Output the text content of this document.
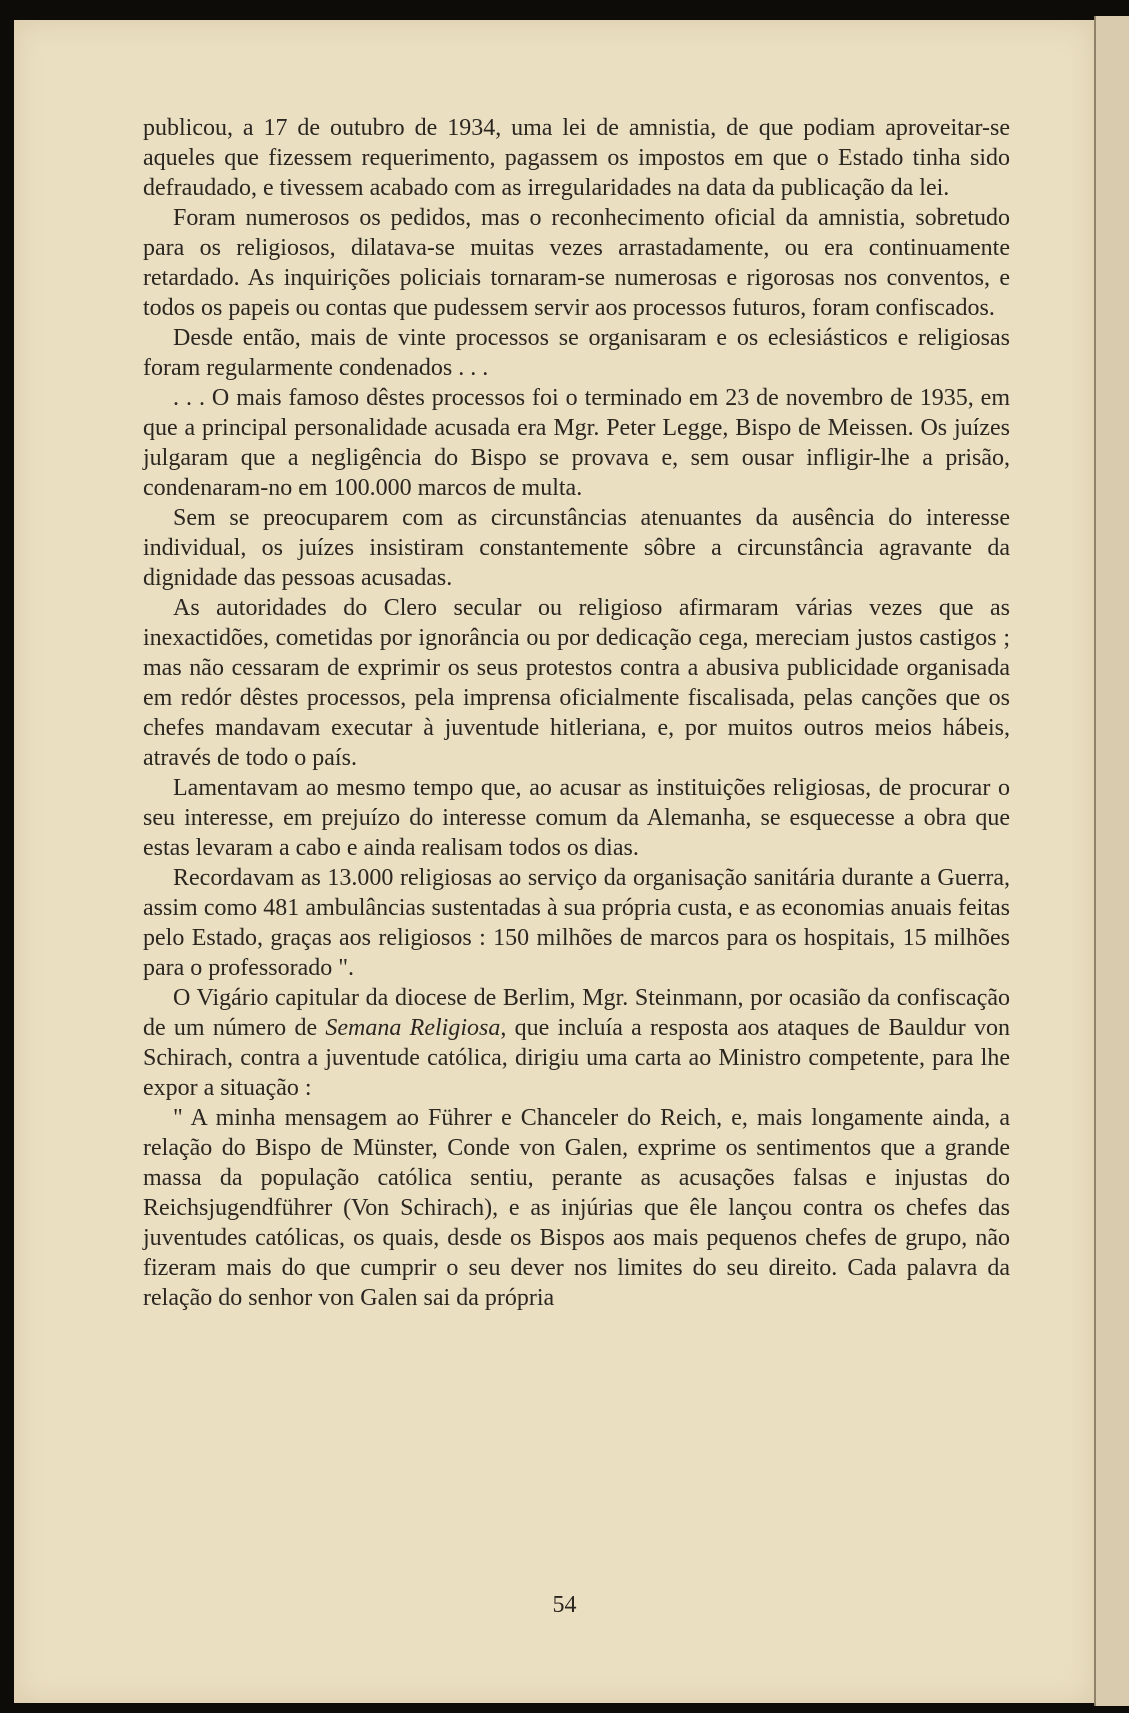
publicou, a 17 de outubro de 1934, uma lei de amnistia, de que podiam aproveitar-se aqueles que fizessem requerimento, pagassem os impostos em que o Estado tinha sido defraudado, e tivessem acabado com as irregularidades na data da publicação da lei.

Foram numerosos os pedidos, mas o reconhecimento oficial da amnistia, sobretudo para os religiosos, dilatava-se muitas vezes arrastadamente, ou era continuamente retardado. As inquirições policiais tornaram-se numerosas e rigorosas nos conventos, e todos os papeis ou contas que pudessem servir aos processos futuros, foram confiscados.

Desde então, mais de vinte processos se organisaram e os eclesiásticos e religiosas foram regularmente condenados . . .

. . . O mais famoso dêstes processos foi o terminado em 23 de novembro de 1935, em que a principal personalidade acusada era Mgr. Peter Legge, Bispo de Meissen. Os juízes julgaram que a negligência do Bispo se provava e, sem ousar infligir-lhe a prisão, condenaram-no em 100.000 marcos de multa.

Sem se preocuparem com as circunstâncias atenuantes da ausência do interesse individual, os juízes insistiram constantemente sôbre a circunstância agravante da dignidade das pessoas acusadas.

As autoridades do Clero secular ou religioso afirmaram várias vezes que as inexactidões, cometidas por ignorância ou por dedicação cega, mereciam justos castigos ; mas não cessaram de exprimir os seus protestos contra a abusiva publicidade organisada em redór dêstes processos, pela imprensa oficialmente fiscalisada, pelas canções que os chefes mandavam executar à juventude hitleriana, e, por muitos outros meios hábeis, através de todo o país.

Lamentavam ao mesmo tempo que, ao acusar as instituições religiosas, de procurar o seu interesse, em prejuízo do interesse comum da Alemanha, se esquecesse a obra que estas levaram a cabo e ainda realisam todos os dias.

Recordavam as 13.000 religiosas ao serviço da organisação sanitária durante a Guerra, assim como 481 ambulâncias sustentadas à sua própria custa, e as economias anuais feitas pelo Estado, graças aos religiosos : 150 milhões de marcos para os hospitais, 15 milhões para o professorado ".

O Vigário capitular da diocese de Berlim, Mgr. Steinmann, por ocasião da confiscação de um número de Semana Religiosa, que incluía a resposta aos ataques de Bauldur von Schirach, contra a juventude católica, dirigiu uma carta ao Ministro competente, para lhe expor a situação :

" A minha mensagem ao Führer e Chanceler do Reich, e, mais longamente ainda, a relação do Bispo de Münster, Conde von Galen, exprime os sentimentos que a grande massa da população católica sentiu, perante as acusações falsas e injustas do Reichsjugendführer (Von Schirach), e as injúrias que êle lançou contra os chefes das juventudes católicas, os quais, desde os Bispos aos mais pequenos chefes de grupo, não fizeram mais do que cumprir o seu dever nos limites do seu direito. Cada palavra da relação do senhor von Galen sai da própria

54
